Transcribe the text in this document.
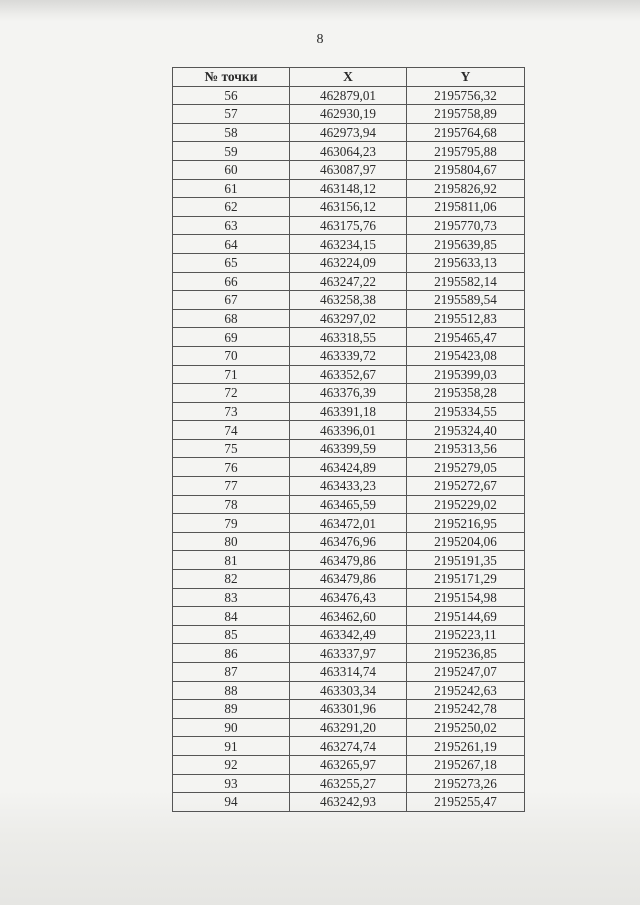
8
№ точки	X	Y
56	462879,01	2195756,32
57	462930,19	2195758,89
58	462973,94	2195764,68
59	463064,23	2195795,88
60	463087,97	2195804,67
61	463148,12	2195826,92
62	463156,12	2195811,06
63	463175,76	2195770,73
64	463234,15	2195639,85
65	463224,09	2195633,13
66	463247,22	2195582,14
67	463258,38	2195589,54
68	463297,02	2195512,83
69	463318,55	2195465,47
70	463339,72	2195423,08
71	463352,67	2195399,03
72	463376,39	2195358,28
73	463391,18	2195334,55
74	463396,01	2195324,40
75	463399,59	2195313,56
76	463424,89	2195279,05
77	463433,23	2195272,67
78	463465,59	2195229,02
79	463472,01	2195216,95
80	463476,96	2195204,06
81	463479,86	2195191,35
82	463479,86	2195171,29
83	463476,43	2195154,98
84	463462,60	2195144,69
85	463342,49	2195223,11
86	463337,97	2195236,85
87	463314,74	2195247,07
88	463303,34	2195242,63
89	463301,96	2195242,78
90	463291,20	2195250,02
91	463274,74	2195261,19
92	463265,97	2195267,18
93	463255,27	2195273,26
94	463242,93	2195255,47
